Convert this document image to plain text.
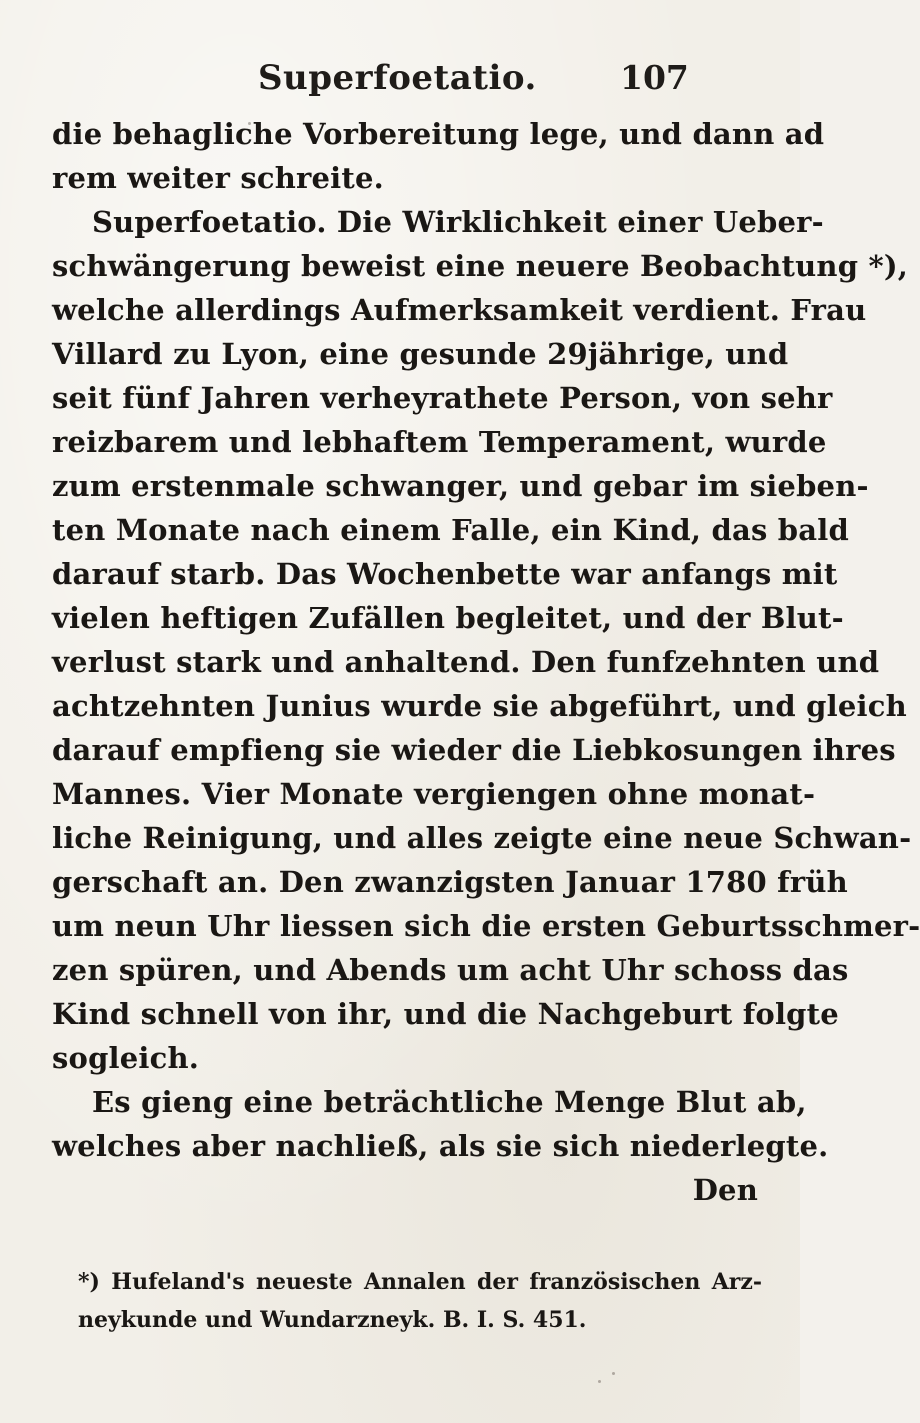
Superfoetatio.	107
die behagliche Vorbereitung lege, und dann ad
rem weiter schreite.
Superfoetatio. Die Wirklichkeit einer Ueber-
schwängerung beweist eine neuere Beobachtung *),
welche allerdings Aufmerksamkeit verdient. Frau
Villard zu Lyon, eine gesunde 29jährige, und
seit fünf Jahren verheyrathete Person, von sehr
reizbarem und lebhaftem Temperament, wurde
zum erstenmale schwanger, und gebar im sieben-
ten Monate nach einem Falle, ein Kind, das bald
darauf starb. Das Wochenbette war anfangs mit
vielen heftigen Zufällen begleitet, und der Blut-
verlust stark und anhaltend. Den funfzehnten und
achtzehnten Junius wurde sie abgeführt, und gleich
darauf empfieng sie wieder die Liebkosungen ihres
Mannes. Vier Monate vergiengen ohne monat-
liche Reinigung, und alles zeigte eine neue Schwan-
gerschaft an. Den zwanzigsten Januar 1780 früh
um neun Uhr liessen sich die ersten Geburtsschmer-
zen spüren, und Abends um acht Uhr schoss das
Kind schnell von ihr, und die Nachgeburt folgte
sogleich.
Es gieng eine beträchtliche Menge Blut ab,
welches aber nachließ, als sie sich niederlegte.
Den
*) Hufeland's neueste Annalen der französischen Arz-
neykunde und Wundarzneyk. B. I. S. 451.
